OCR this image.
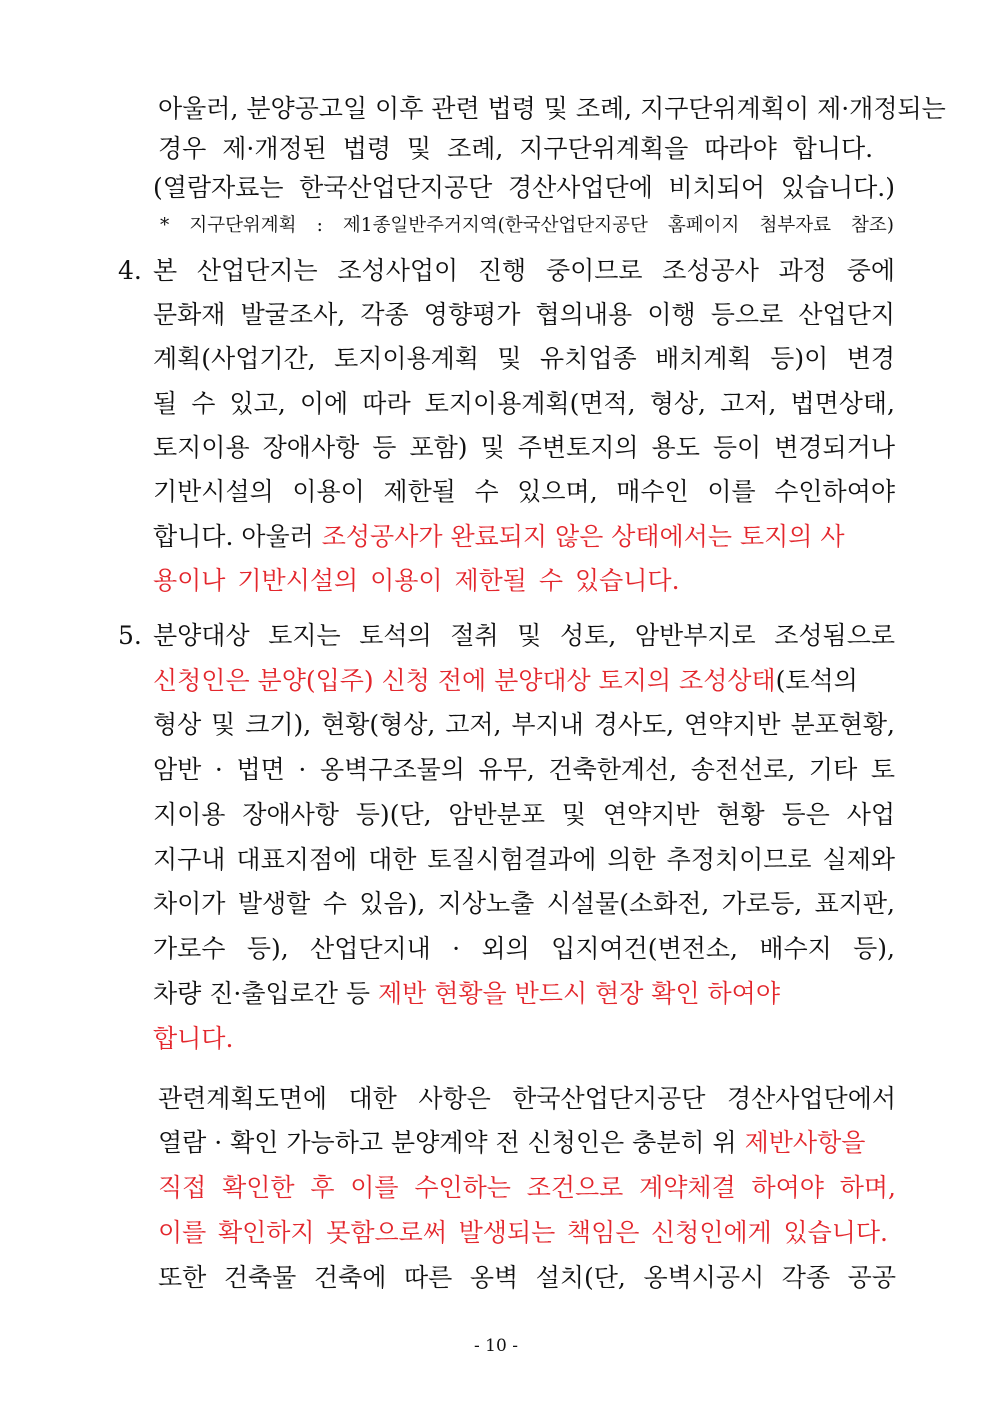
아울러, 분양공고일 이후 관련 법령 및 조례, 지구단위계획이 제·개정되는
경우 제·개정된 법령 및 조례, 지구단위계획을 따라야 합니다.
(열람자료는 한국산업단지공단 경산사업단에 비치되어 있습니다.)
* 지구단위계획 : 제1종일반주거지역(한국산업단지공단 홈페이지 첨부자료 참조)
4. 본 산업단지는 조성사업이 진행 중이므로 조성공사 과정 중에
문화재 발굴조사, 각종 영향평가 협의내용 이행 등으로 산업단지
계획(사업기간, 토지이용계획 및 유치업종 배치계획 등)이 변경
될 수 있고, 이에 따라 토지이용계획(면적, 형상, 고저, 법면상태,
토지이용 장애사항 등 포함) 및 주변토지의 용도 등이 변경되거나
기반시설의 이용이 제한될 수 있으며, 매수인 이를 수인하여야
합니다. 아울러 조성공사가 완료되지 않은 상태에서는 토지의 사
용이나 기반시설의 이용이 제한될 수 있습니다.
5. 분양대상 토지는 토석의 절취 및 성토, 암반부지로 조성됨으로
신청인은 분양(입주) 신청 전에 분양대상 토지의 조성상태(토석의
형상 및 크기), 현황(형상, 고저, 부지내 경사도, 연약지반 분포현황,
암반 · 법면 · 옹벽구조물의 유무, 건축한계선, 송전선로, 기타 토
지이용 장애사항 등)(단, 암반분포 및 연약지반 현황 등은 사업
지구내 대표지점에 대한 토질시험결과에 의한 추정치이므로 실제와
차이가 발생할 수 있음), 지상노출 시설물(소화전, 가로등, 표지판,
가로수 등), 산업단지내 · 외의 입지여건(변전소, 배수지 등),
차량 진·출입로간 등 제반 현황을 반드시 현장 확인 하여야
합니다.
관련계획도면에 대한 사항은 한국산업단지공단 경산사업단에서
열람 · 확인 가능하고 분양계약 전 신청인은 충분히 위 제반사항을
직접 확인한 후 이를 수인하는 조건으로 계약체결 하여야 하며,
이를 확인하지 못함으로써 발생되는 책임은 신청인에게 있습니다.
또한 건축물 건축에 따른 옹벽 설치(단, 옹벽시공시 각종 공공
- 10 -
